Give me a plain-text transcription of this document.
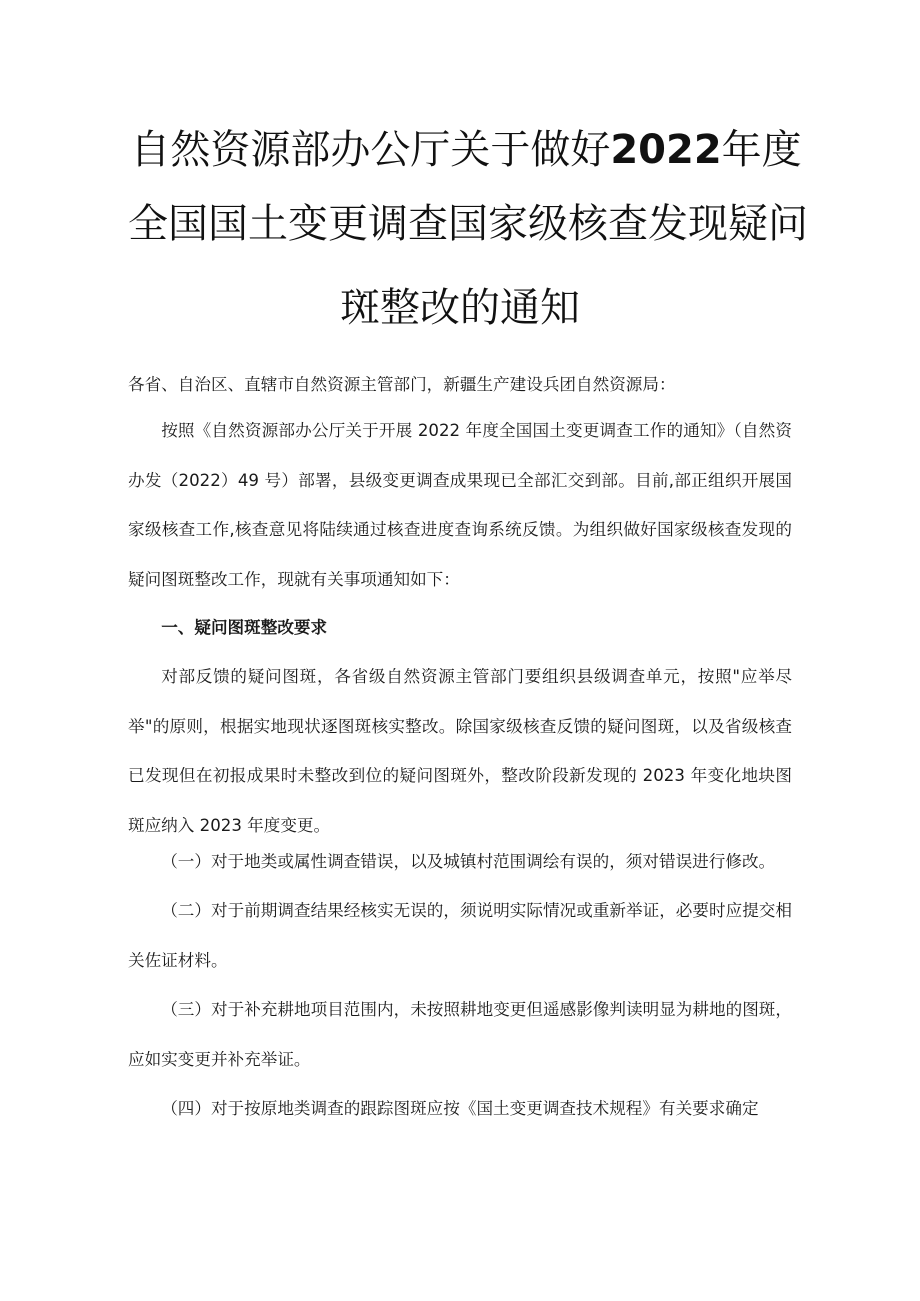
自然资源部办公厅关于做好2022年度
全国国土变更调查国家级核查发现疑问
斑整改的通知
各省、自治区、直辖市自然资源主管部门，新疆生产建设兵团自然资源局：
按照《自然资源部办公厅关于开展 2022 年度全国国土变更调查工作的通知》（自然资办发（2022）49 号）部署，县级变更调查成果现已全部汇交到部。目前,部正组织开展国家级核查工作,核查意见将陆续通过核查进度查询系统反馈。为组织做好国家级核查发现的疑问图斑整改工作，现就有关事项通知如下：
一、疑问图斑整改要求
对部反馈的疑问图斑，各省级自然资源主管部门要组织县级调查单元，按照"应举尽举"的原则，根据实地现状逐图斑核实整改。除国家级核查反馈的疑问图斑，以及省级核查已发现但在初报成果时未整改到位的疑问图斑外，整改阶段新发现的 2023 年变化地块图斑应纳入 2023 年度变更。
（一）对于地类或属性调查错误，以及城镇村范围调绘有误的，须对错误进行修改。
（二）对于前期调查结果经核实无误的，须说明实际情况或重新举证，必要时应提交相关佐证材料。
（三）对于补充耕地项目范围内，未按照耕地变更但遥感影像判读明显为耕地的图斑，应如实变更并补充举证。
（四）对于按原地类调查的跟踪图斑应按《国土变更调查技术规程》有关要求确定
